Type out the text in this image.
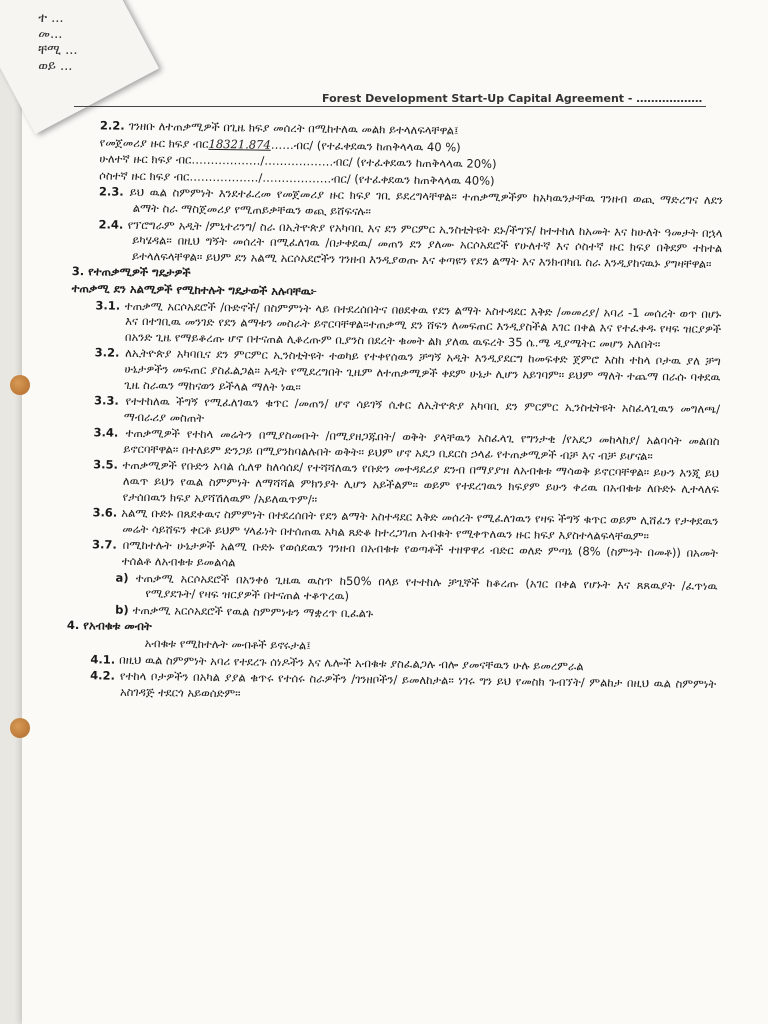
ተ ...
መ...
ቸሚ ...
ወይ ...
Forest Development Start-Up Capital Agreement - ………………
2.2. ገንዘቡ ለተጠቃሚዎች በጊዜ ክፍያ መሰረት በሚከተለዉ መልክ ይተላለፍላቸዋል፤
የመጀመሪያ ዙር ክፍያ ብር18321.874……ብር/ (የተፈቀደዉን ከጠቅላላዉ 40 %)
ሁለተኛ ዙር ክፍያ ብር………………/………………ብር/ (የተፈቀደዉን ከጠቅላላዉ 20%)
ሶስተኛ ዙር ክፍያ ብር………………/………………ብር/ (የተፈቀደዉን ከጠቅላላዉ 40%)
2.3. ይህ ዉል ስምምነት እንደተፈረመ የመጀመሪያ ዙር ክፍያ ገቢ ይደረግላቸዋል። ተጠቃሚዎችም ከአካዉንታቸዉ ገንዘብ ወጪ ማድረግና ለደን ልማት ስራ ማስጀመሪያ የሚጠይቃቸዉን ወጪ ይሸፍናሉ።
2.4. የፕሮግራም አዲት /ምኒተሪንግ/ ስራ በኢትዮጵያ የአካባቢ እና ደን ምርምር ኢንስቲትዩት ደኑ/ችግኙ/ ከተተከለ ከአመት እና ከሁለት ዓመታት በኋላ ይካሄዳል። በዚህ ግኝት መሰረት በሚፈለገዉ /በታቀደዉ/ መጠን ደን ያለሙ አርሶአደሮች የሁለተኛ እና ሶስተኛ ዙር ክፍያ በቅደም ተከተል ይተላለፍላቸዋል። ይህም ደን አልሚ አርሶአደሮችን ገንዘብ እንዲያወጡ እና ቀጣዩን የደን ልማት እና እንክብካቤ ስራ እንዲያከናዉኑ ያግዛቸዋል።
3. የተጠቃሚዎች ግዴታዎች
ተጠቃሚ ደን አልሚዎች የሚከተሉት ግዴታወች አሉባቸዉ፦
3.1. ተጠቃሚ አርሶአደሮች /ቡድኖች/ በስምምነት ላይ በተደረሰበትና በፀደቀዉ የደን ልማት አስተዳደር እቅድ /መመሪያ/ አባሪ -1 መሰረት ወጥ በሆኑ እና በተገቢዉ መንገድ የደን ልማቱን መስራት ይኖርባቸዋል፡፡ተጠቃሚ ደን ሸፍን ለመፍጠር እንዲያስችል እገር በቀል እና የተፈቀዱ የዛፍ ዝርያዎች በአንድ ጊዜ የማይቆረጡ ሆኖ በተናጠል ሊቆረጡም ቢያንስ በደረት ቁመት ልክ ያለዉ ዉፍረት 35 ሴ.ሜ ዲያሜትር መሆን አለበት።
3.2. ለኢትዮጵያ አካባቢና ደን ምርምር ኢንስቲትዩት ተወካይ የተቀየሰዉን ቻግኝ አዲት እንዲያደርግ ከመፍቀድ ጀምሮ እስከ ተከላ ቦታዉ ያለ ቻግ ሁኔታዎችን መፍጠር ያስፈልጋል። አዲት የሚደረግበት ጊዜም ለተጠቃሚዎች ቀደም ሁኔታ ሊሆን አይገባም። ይህም ማለት ተጨማ በራሱ ባቀደዉ ጊዜ ስራዉን ማከናወን ይችላል ማለት ነዉ።
3.3. የተተከለዉ ችግኝ የሚፈለገዉን ቁጥር /መጠን/ ሆኖ ሳይገኝ ሲቀር ለኢትዮጵያ አካባቢ ደን ምርምር ኢንስቲትዩት አስፈላጊዉን መግለጫ/ማብራሪያ መስጠት
3.4. ተጠቃሚዎች የተከላ መሬትን በሚያስመቡት /በሚያዘጋጁበት/ ወቅት ያላቸዉን አስፈላጊ የግንታቂ /የአደጋ መከላከያ/ አልባሳት መልበስ ይኖርባቸዋል። በተለይም ድንጋይ በሚያንከባልሉበት ወቅት፡፡ ይህም ሆኖ አደጋ ቢደርስ ኃላፊ የተጠቃሚዎች ብቻ እና ብቻ ይሆናል፡፡
3.5. ተጠቃሚዎች የቡድን አባል ሲለዋ ከለሳሰደ/ የተሻሻለዉን የቡድን መተዳደሪያ ደንብ በማያያዝ ለአብቁቱ ማሳወቅ ይኖርባቸዋል። ይሁን እንጂ ይህ ለዉጥ ይህን የዉል ስምምነት ለማሻሻል ምክንያት ሊሆን አይችልም። ወይም የተደረገዉን ክፍያም ይሁን ቀሪዉ በአብቁቱ ለቡድኑ ሊተላለፍ የታሰበዉን ክፍያ አያሻሽለዉም /አይለዉጥም/።
3.6. አልሚ ቡድኑ በጸደቀዉና ስምምነት በተደረሰበት የደን ልማት አስተዳደር እቅድ መሰረት የሚፈለገዉን የዛፍ ችግኝ ቁጥር ወይም ሊሸፈን የታቀደዉን መሬት ሳይሸፍን ቀርቶ ይህም ሃላፊነት በተሰጠዉ አካል ጸድቆ ከተረጋገጠ አብቁት የሚቀጥለዉን ዙር ክፍያ እያስተላልፍላቸዉም።
3.7. በሚከተሉት ሁኔታዎች አልሚ ቡድኑ የወሰደዉን ገንዘብ በአብቁቱ የወጣቶች ተዘዋዋሪ ብድር ወለድ ምጣኔ (8% (ስምንት በመቶ)) በአመት ተሰልቶ ለአብቁቱ ይመልሳል
a) ተጠቃሚ አርሶአደሮች በአንቀፅ ጊዜዉ ዉስጥ ከ50% በላይ የተተከሉ ቻጊኞች ከቆረጡ (አገር በቀል የሆኑት እና ጸጸዉያት /ፈጥነዉ የሚያደጉት/ የዛፍ ዝርያዎች በተናጠል ተቆጥረዉ)
b) ተጠቃሚ አርሶአደሮች የዉል ስምምነቱን ማቋረጥ ቢፈልጉ
4. የአብቁቱ መብት
አብቁቱ የሚከተሉት መብቶች ይኖሩታል፤
4.1. በዚህ ዉል ስምምነት አባሪ የተደረጉ ሰነዶችን እና ሌሎች አብቁቱ ያስፈልጋሉ ብሎ ያመናቸዉን ሁሉ ይመረምራል
4.2. የተከላ ቦታዎችን በአካል ያያል ቁጥሩ የተሰሩ ስራዎችን /ገንዘቦችን/ ይመለከታል። ነገሩ ግን ይህ የመስክ ጉብኘት/ ምልከታ በዚህ ዉል ስምምነት አስገዳጅ ተደርጎ አይወሰድም።
